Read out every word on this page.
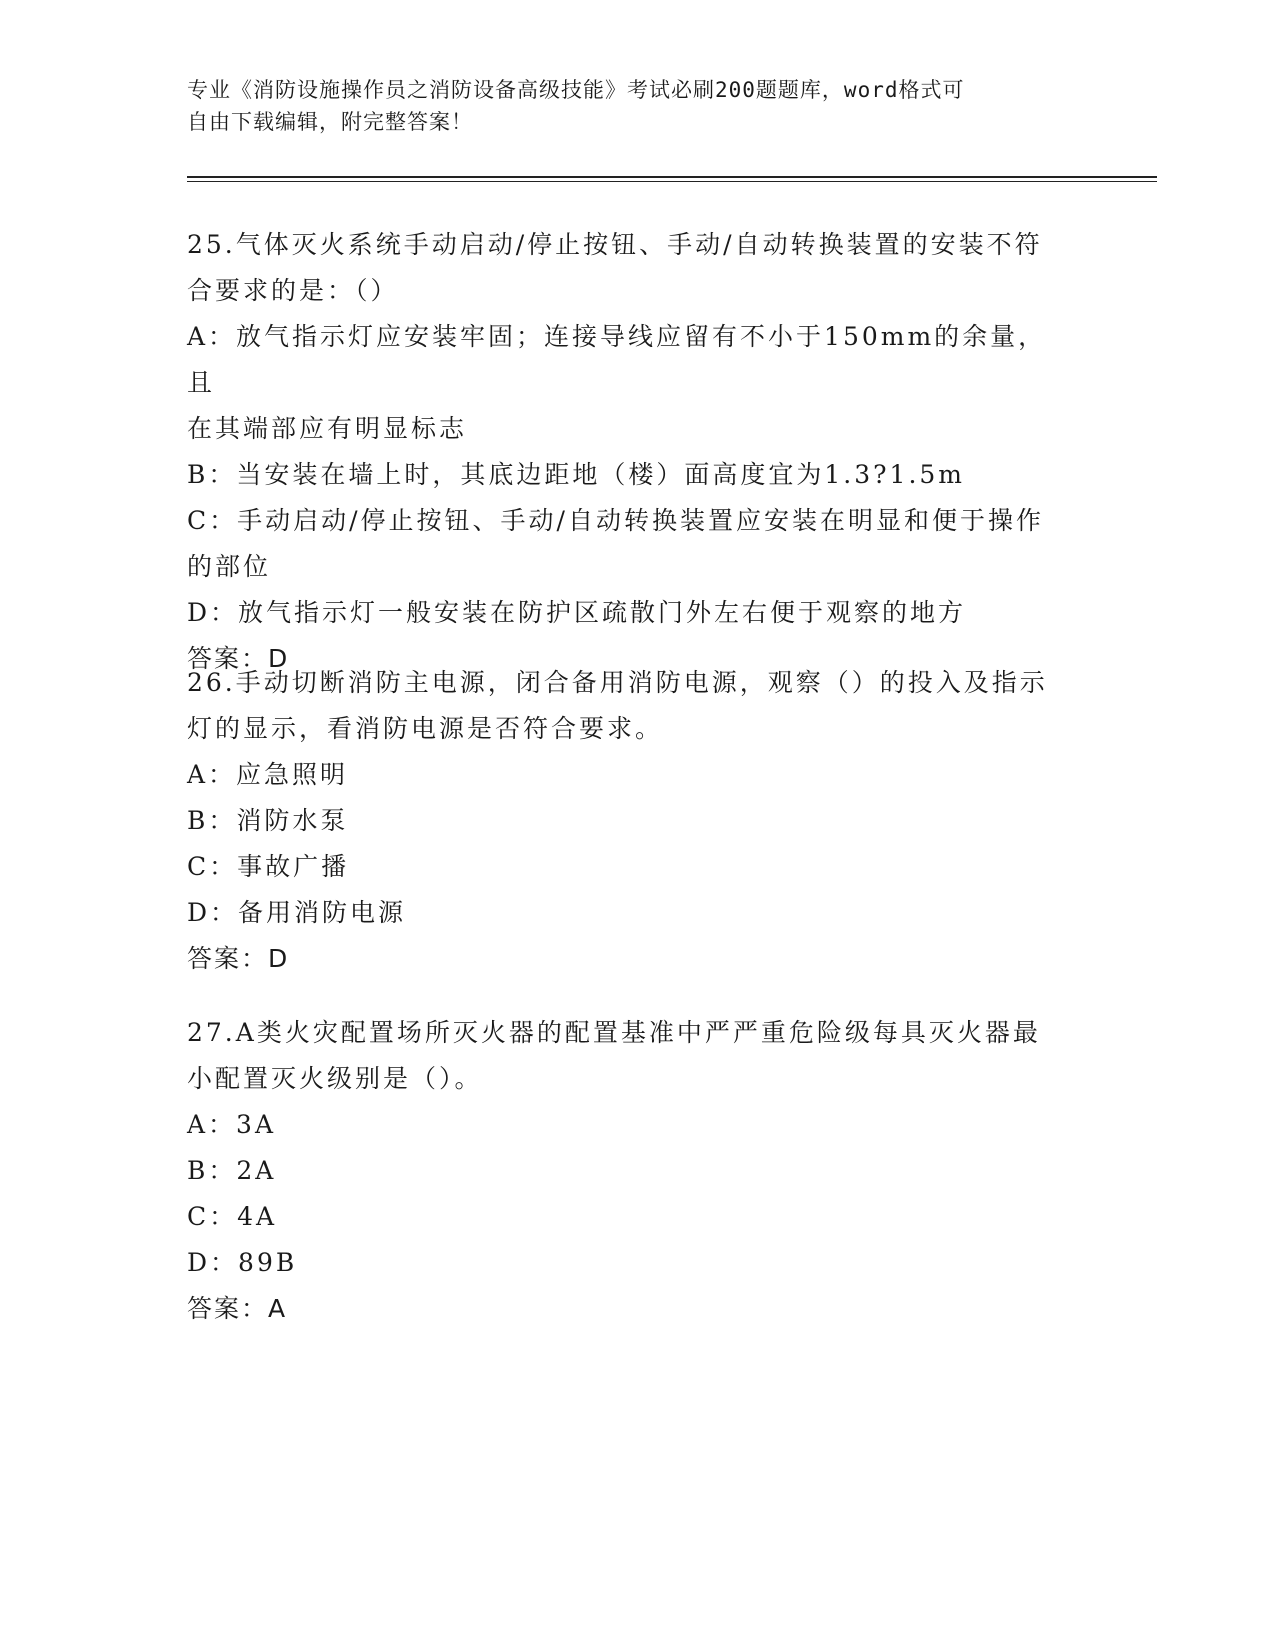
专业《消防设施操作员之消防设备高级技能》考试必刷200题题库，word格式可
自由下载编辑，附完整答案！

25.气体灭火系统手动启动/停止按钮、手动/自动转换装置的安装不符

合要求的是：（）

A：放气指示灯应安装牢固；连接导线应留有不小于150mm的余量，且

在其端部应有明显标志

B：当安装在墙上时，其底边距地（楼）面高度宜为1.3?1.5m

C：手动启动/停止按钮、手动/自动转换装置应安装在明显和便于操作

的部位

D：放气指示灯一般安装在防护区疏散门外左右便于观察的地方

答案：D

26.手动切断消防主电源，闭合备用消防电源，观察（）的投入及指示

灯的显示，看消防电源是否符合要求。

A：应急照明

B：消防水泵

C：事故广播

D：备用消防电源

答案：D

27.A类火灾配置场所灭火器的配置基准中严严重危险级每具灭火器最

小配置灭火级别是（）。

A：3A

B：2A

C：4A

D：89B

答案：A
